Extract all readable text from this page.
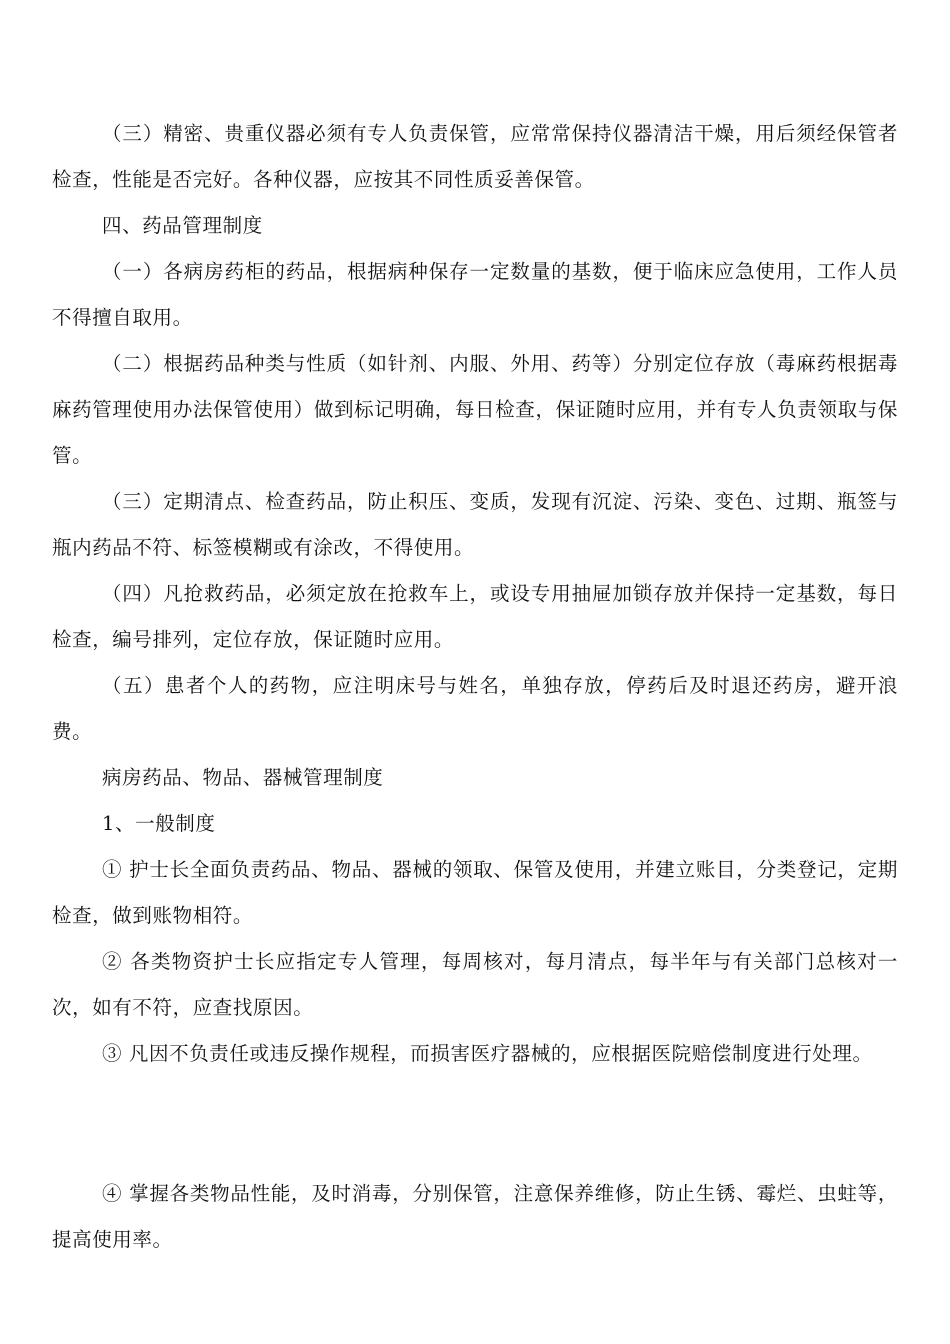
（三）精密、贵重仪器必须有专人负责保管，应常常保持仪器清洁干燥，用后须经保管者检查，性能是否完好。各种仪器，应按其不同性质妥善保管。

四、药品管理制度

（一）各病房药柜的药品，根据病种保存一定数量的基数，便于临床应急使用，工作人员不得擅自取用。

（二）根据药品种类与性质（如针剂、内服、外用、药等）分别定位存放（毒麻药根据毒麻药管理使用办法保管使用）做到标记明确，每日检查，保证随时应用，并有专人负责领取与保管。

（三）定期清点、检查药品，防止积压、变质，发现有沉淀、污染、变色、过期、瓶签与瓶内药品不符、标签模糊或有涂改，不得使用。

（四）凡抢救药品，必须定放在抢救车上，或设专用抽屉加锁存放并保持一定基数，每日检查，编号排列，定位存放，保证随时应用。

（五）患者个人的药物，应注明床号与姓名，单独存放，停药后及时退还药房，避开浪费。

病房药品、物品、器械管理制度

1、一般制度

① 护士长全面负责药品、物品、器械的领取、保管及使用，并建立账目，分类登记，定期检查，做到账物相符。

② 各类物资护士长应指定专人管理，每周核对，每月清点，每半年与有关部门总核对一次，如有不符，应查找原因。

③ 凡因不负责任或违反操作规程，而损害医疗器械的，应根据医院赔偿制度进行处理。

④ 掌握各类物品性能，及时消毒，分别保管，注意保养维修，防止生锈、霉烂、虫蛀等，提高使用率。
